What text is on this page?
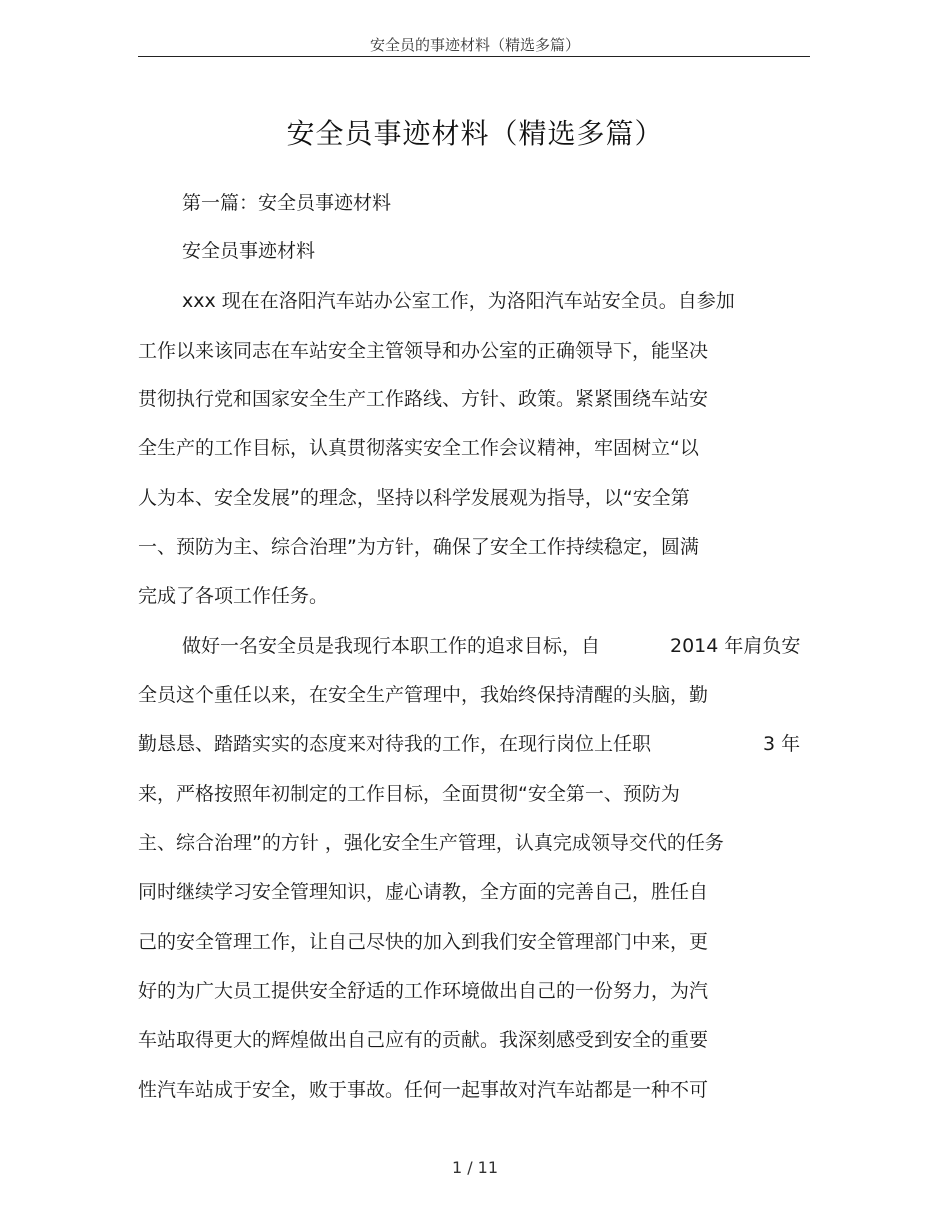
安全员的事迹材料（精选多篇）
安全员事迹材料（精选多篇）
第一篇：安全员事迹材料
安全员事迹材料
xxx 现在在洛阳汽车站办公室工作，为洛阳汽车站安全员。自参加
工作以来该同志在车站安全主管领导和办公室的正确领导下，能坚决
贯彻执行党和国家安全生产工作路线、方针、政策。紧紧围绕车站安
全生产的工作目标，认真贯彻落实安全工作会议精神，牢固树立“以
人为本、安全发展”的理念，坚持以科学发展观为指导，以“安全第
一、预防为主、综合治理”为方针，确保了安全工作持续稳定，圆满
完成了各项工作任务。
做好一名安全员是我现行本职工作的追求目标，自	2014 年肩负安
全员这个重任以来，在安全生产管理中，我始终保持清醒的头脑，勤
勤恳恳、踏踏实实的态度来对待我的工作，在现行岗位上任职	3 年
来，严格按照年初制定的工作目标，全面贯彻“安全第一、预防为
主、综合治理”的方针 ，强化安全生产管理，认真完成领导交代的任务
同时继续学习安全管理知识，虚心请教，全方面的完善自己，胜任自
己的安全管理工作，让自己尽快的加入到我们安全管理部门中来，更
好的为广大员工提供安全舒适的工作环境做出自己的一份努力，为汽
车站取得更大的辉煌做出自己应有的贡献。我深刻感受到安全的重要
性汽车站成于安全，败于事故。任何一起事故对汽车站都是一种不可
1 / 11
